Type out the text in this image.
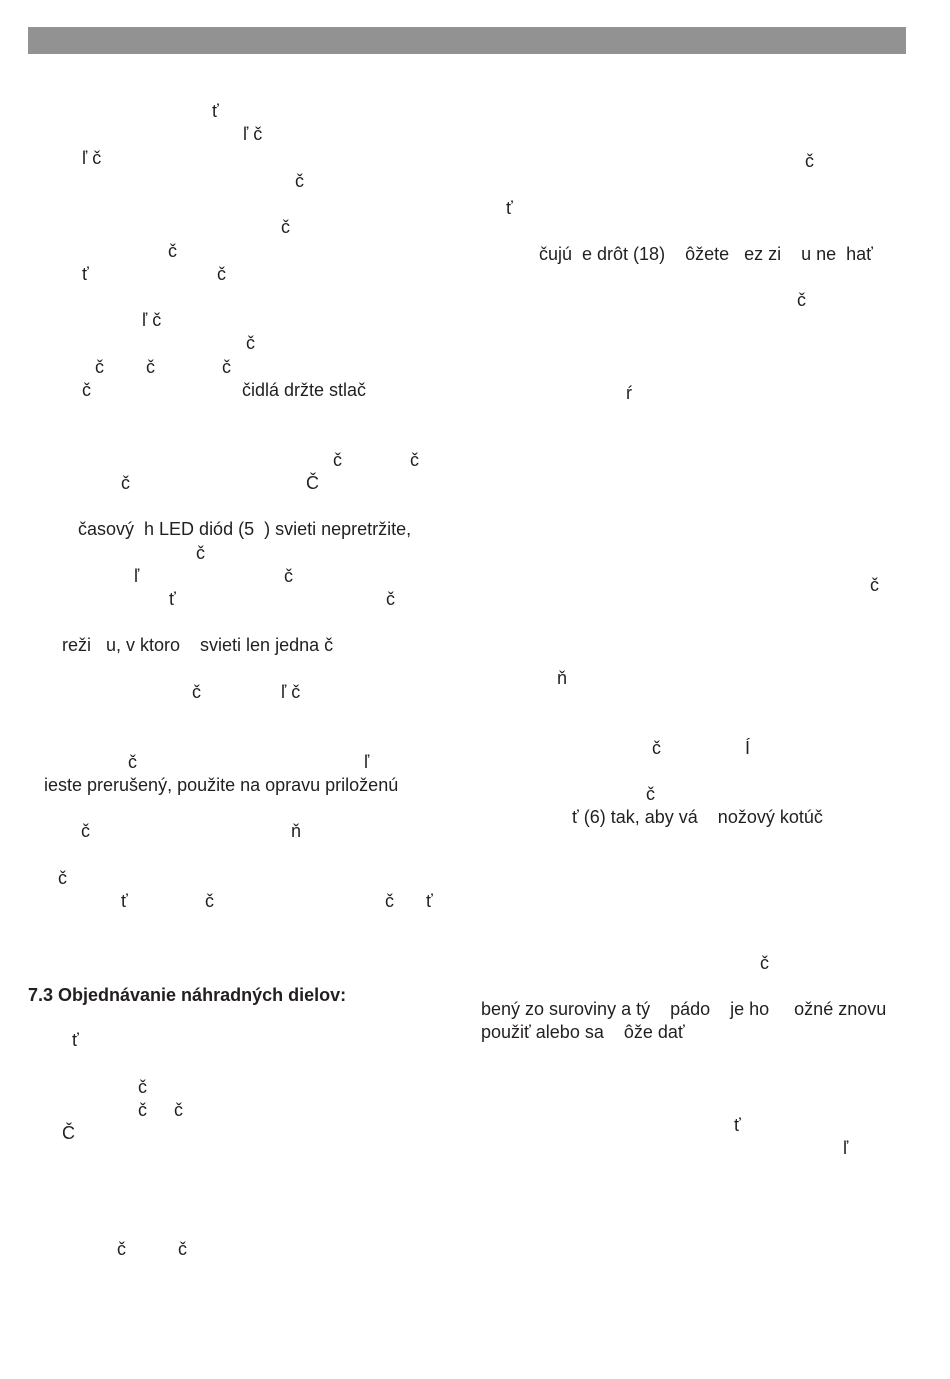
ť
ľ č
ľ č
č
č
č
ť	č
ľ č
č
č č	č
č	čidlá držte stlač
č	č
č	Č
časový  h LED diód (5  ) svieti nepretržite,
č
ľ	č
ť	č
reži   u, v ktoro    svieti len jedna č
č	ľ č
č	ľ
ieste prerušený, použite na opravu priloženú
č	ň
č
ť	č	č ť
7.3 Objednávanie náhradných dielov:
ť
č
č č
Č
č	č
č
ť
čujú  e drôt (18)    ôžete   ez zi    u ne  hať
č
ŕ
č
ň
č	Í
č
ť (6) tak, aby vá    nožový kotúč
č
bený zo suroviny a tý    pádo    je ho     ožné znovu
použiť alebo sa    ôže dať
ť
ľ
